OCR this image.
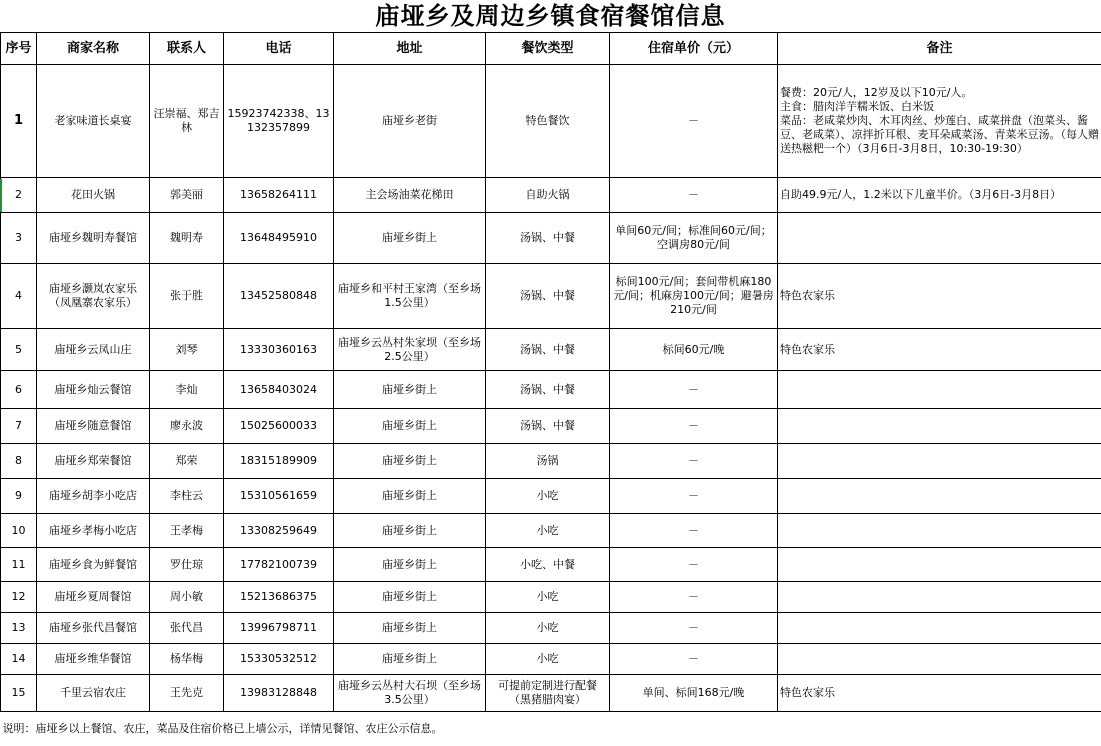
庙垭乡及周边乡镇食宿餐馆信息
序号	商家名称	联系人	电话	地址	餐饮类型	住宿单价（元）	备注
1	老家味道长桌宴	汪崇福、郑吉林	15923742338、13132357899	庙垭乡老街	特色餐饮	－	餐费：20元/人，12岁及以下10元/人。
主食：腊肉洋芋糯米饭、白米饭
菜品：老咸菜炒肉、木耳肉丝、炒莲白、咸菜拼盘（泡菜头、酱豆、老咸菜）、凉拌折耳根、麦耳朵咸菜汤、青菜米豆汤。（每人赠送热糍粑一个）（3月6日-3月8日，10:30-19:30）
2	花田火锅	郭美丽	13658264111	主会场油菜花梯田	自助火锅	－	自助49.9元/人，1.2米以下儿童半价。（3月6日-3月8日）
3	庙垭乡魏明寿餐馆	魏明寿	13648495910	庙垭乡街上	汤锅、中餐	单间60元/间；标准间60元/间；空调房80元/间	
4	庙垭乡灏岚农家乐（凤凰寨农家乐）	张于胜	13452580848	庙垭乡和平村王家湾（至乡场1.5公里）	汤锅、中餐	标间100元/间；套间带机麻180元/间；机麻房100元/间；避暑房210元/间	特色农家乐
5	庙垭乡云凤山庄	刘琴	13330360163	庙垭乡云丛村朱家坝（至乡场2.5公里）	汤锅、中餐	标间60元/晚	特色农家乐
6	庙垭乡灿云餐馆	李灿	13658403024	庙垭乡街上	汤锅、中餐	－	
7	庙垭乡随意餐馆	廖永波	15025600033	庙垭乡街上	汤锅、中餐	－	
8	庙垭乡郑荣餐馆	郑荣	18315189909	庙垭乡街上	汤锅	－	
9	庙垭乡胡李小吃店	李柱云	15310561659	庙垭乡街上	小吃	－	
10	庙垭乡孝梅小吃店	王孝梅	13308259649	庙垭乡街上	小吃	－	
11	庙垭乡食为鲜餐馆	罗仕琼	17782100739	庙垭乡街上	小吃、中餐	－	
12	庙垭乡夏周餐馆	周小敏	15213686375	庙垭乡街上	小吃	－	
13	庙垭乡张代昌餐馆	张代昌	13996798711	庙垭乡街上	小吃	－	
14	庙垭乡维华餐馆	杨华梅	15330532512	庙垭乡街上	小吃	－	
15	千里云宿农庄	王先克	13983128848	庙垭乡云丛村大石坝（至乡场3.5公里）	可提前定制进行配餐（黑猪腊肉宴）	单间、标间168元/晚	特色农家乐
说明：庙垭乡以上餐馆、农庄，菜品及住宿价格已上墙公示，详情见餐馆、农庄公示信息。							
